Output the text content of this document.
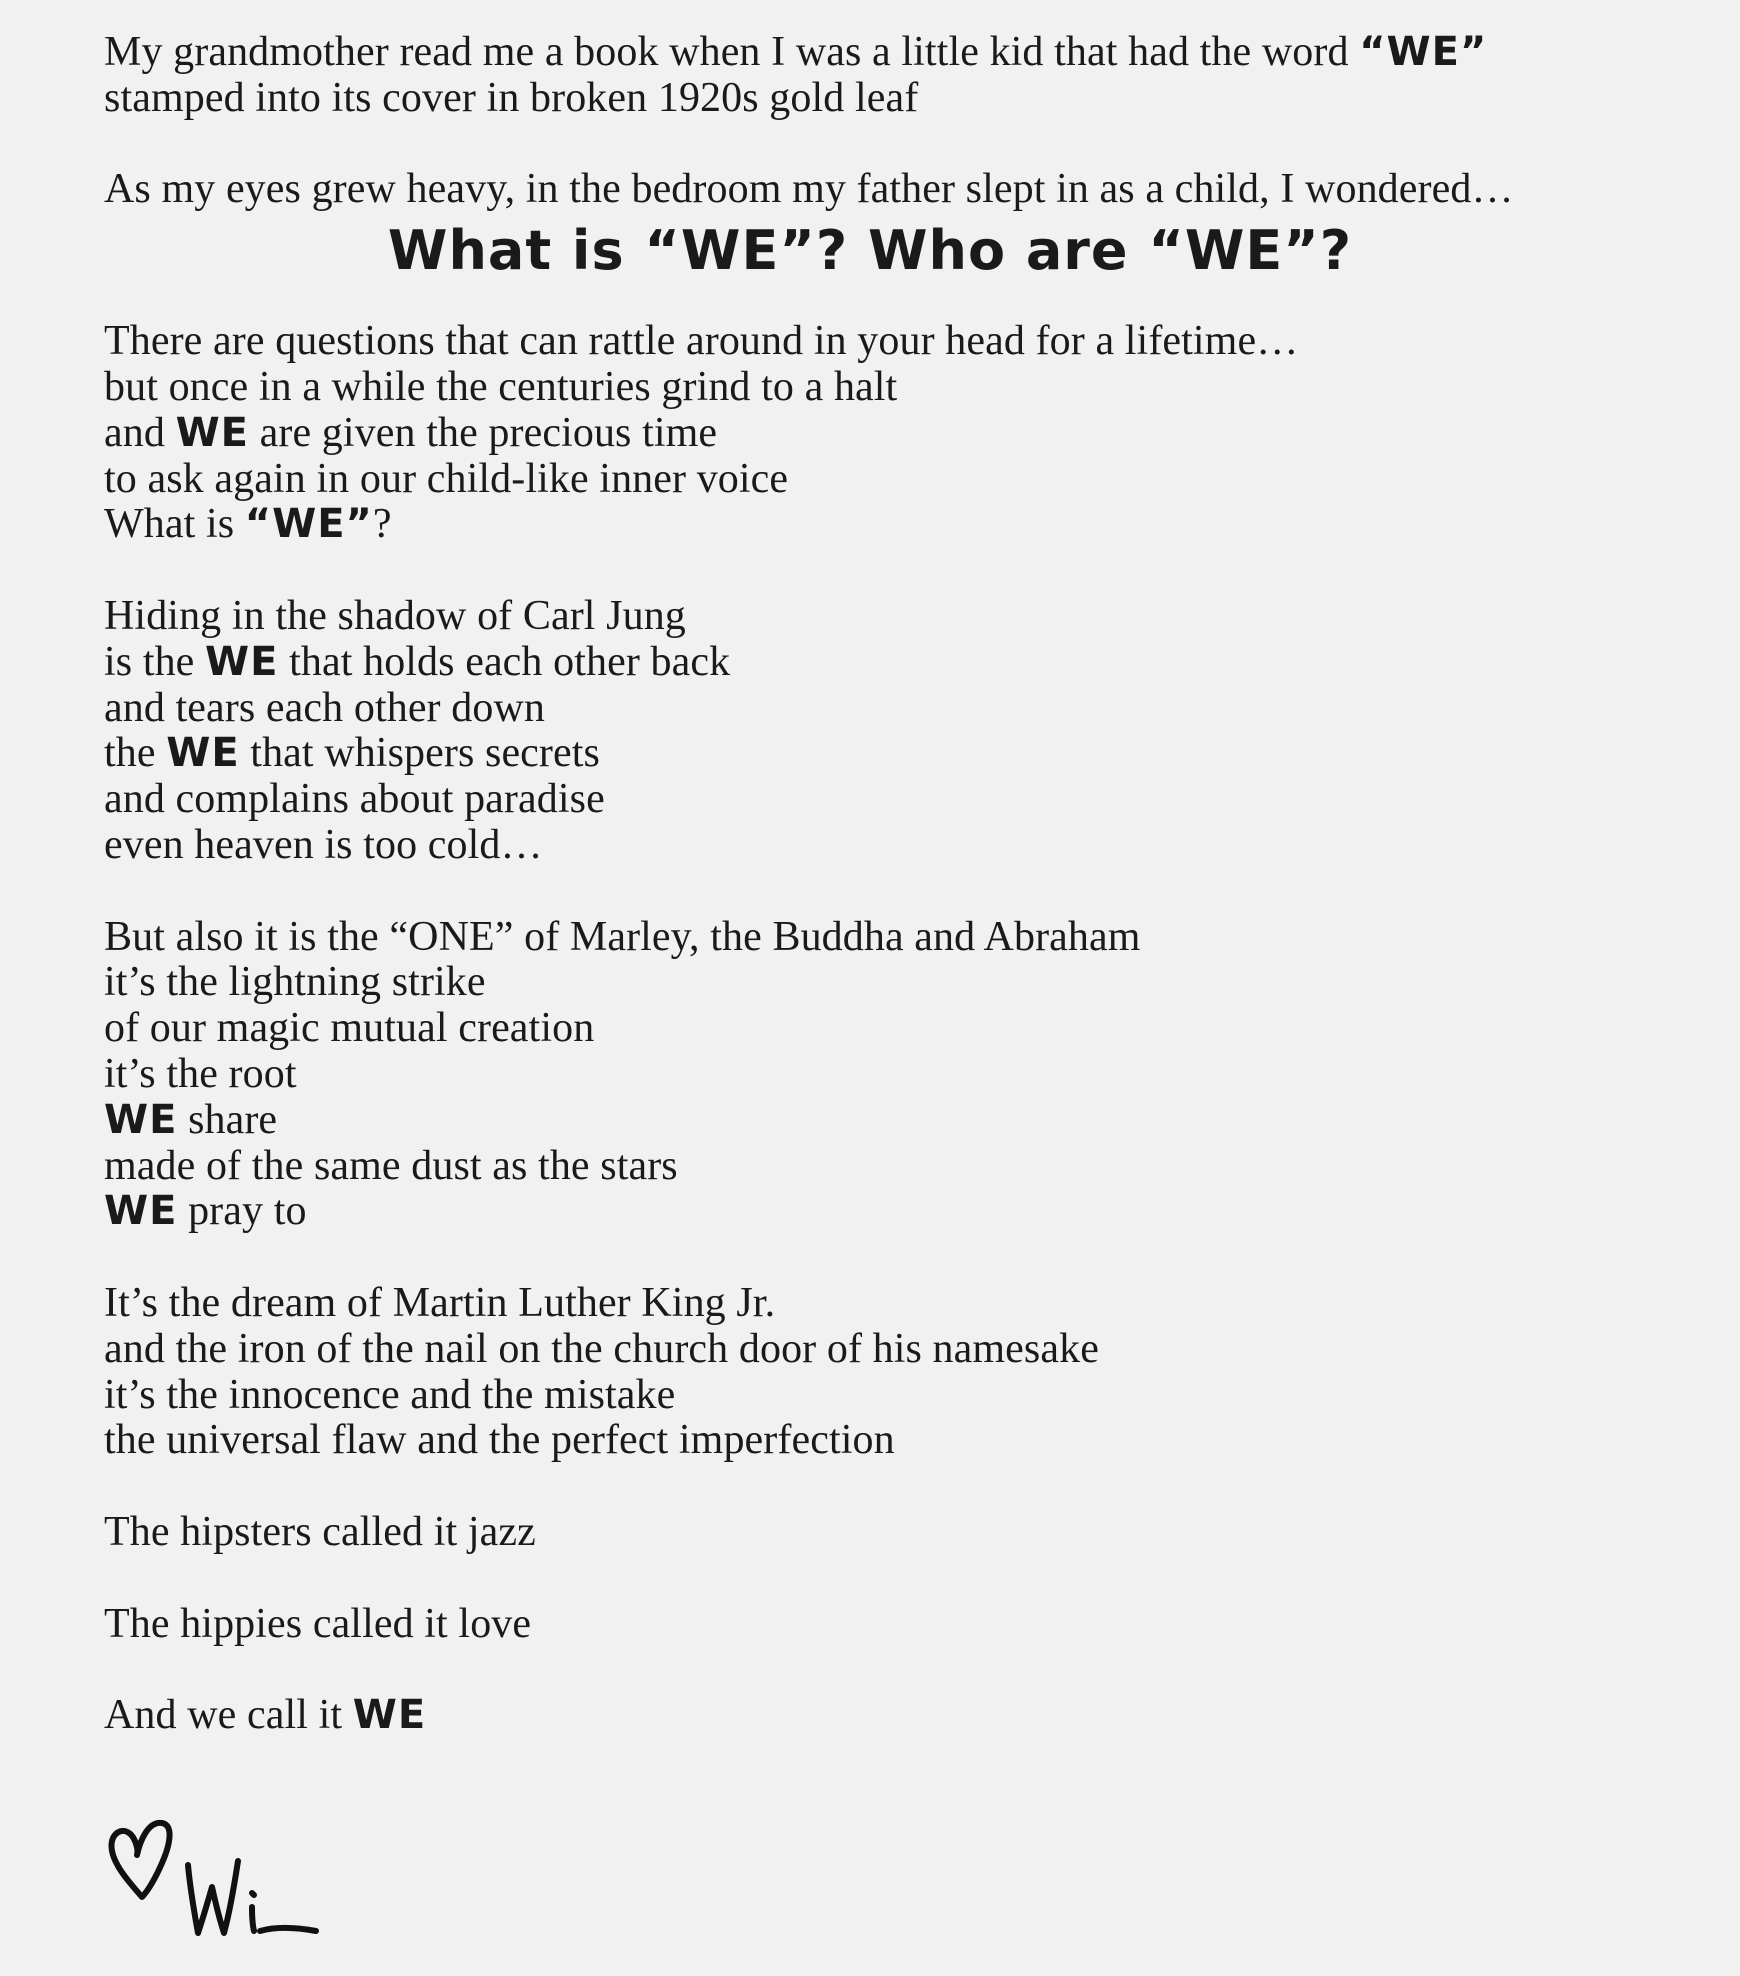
My grandmother read me a book when I was a little kid that had the word “WE”
stamped into its cover in broken 1920s gold leaf
As my eyes grew heavy, in the bedroom my father slept in as a child, I wondered…
What is “WE”? Who are “WE”?
There are questions that can rattle around in your head for a lifetime…
but once in a while the centuries grind to a halt
and WE are given the precious time
to ask again in our child-like inner voice
What is “WE”?
Hiding in the shadow of Carl Jung
is the WE that holds each other back
and tears each other down
the WE that whispers secrets
and complains about paradise
even heaven is too cold…
But also it is the “ONE” of Marley, the Buddha and Abraham
it’s the lightning strike
of our magic mutual creation
it’s the root
WE share
made of the same dust as the stars
WE pray to
It’s the dream of Martin Luther King Jr.
and the iron of the nail on the church door of his namesake
it’s the innocence and the mistake
the universal flaw and the perfect imperfection
The hipsters called it jazz
The hippies called it love
And we call it WE
